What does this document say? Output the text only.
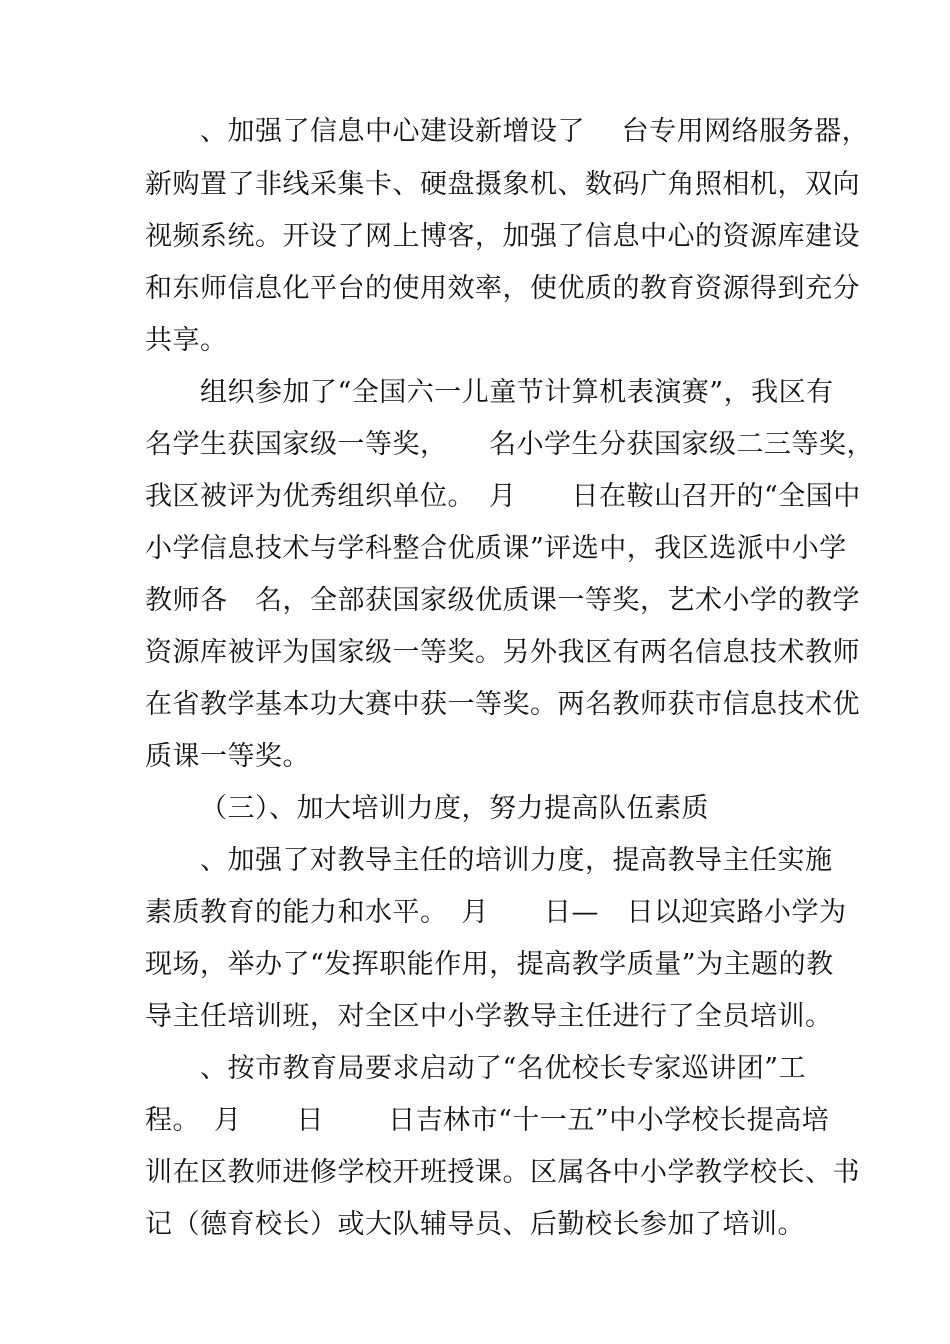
、加强了信息中心建设新增设了　 台专用网络服务器，

新购置了非线采集卡、硬盘摄象机、数码广角照相机，双向

视频系统。开设了网上博客，加强了信息中心的资源库建设

和东师信息化平台的使用效率，使优质的教育资源得到充分

共享。

组织参加了“全国六一儿童节计算机表演赛”，我区有

名学生获国家级一等奖，　　名小学生分获国家级二三等奖，

我区被评为优秀组织单位。　月　　日在鞍山召开的“全国中

小学信息技术与学科整合优质课”评选中，我区选派中小学

教师各　名，全部获国家级优质课一等奖，艺术小学的教学

资源库被评为国家级一等奖。另外我区有两名信息技术教师

在省教学基本功大赛中获一等奖。两名教师获市信息技术优

质课一等奖。

（三）、加大培训力度，努力提高队伍素质

、加强了对教导主任的培训力度，提高教导主任实施

素质教育的能力和水平。　月　　日—　日以迎宾路小学为

现场，举办了“发挥职能作用，提高教学质量”为主题的教

导主任培训班，对全区中小学教导主任进行了全员培训。

、按市教育局要求启动了“名优校长专家巡讲团”工

程。　月　　日　　 日吉林市“十一五”中小学校长提高培

训在区教师进修学校开班授课。区属各中小学教学校长、书

记（德育校长）或大队辅导员、后勤校长参加了培训。
